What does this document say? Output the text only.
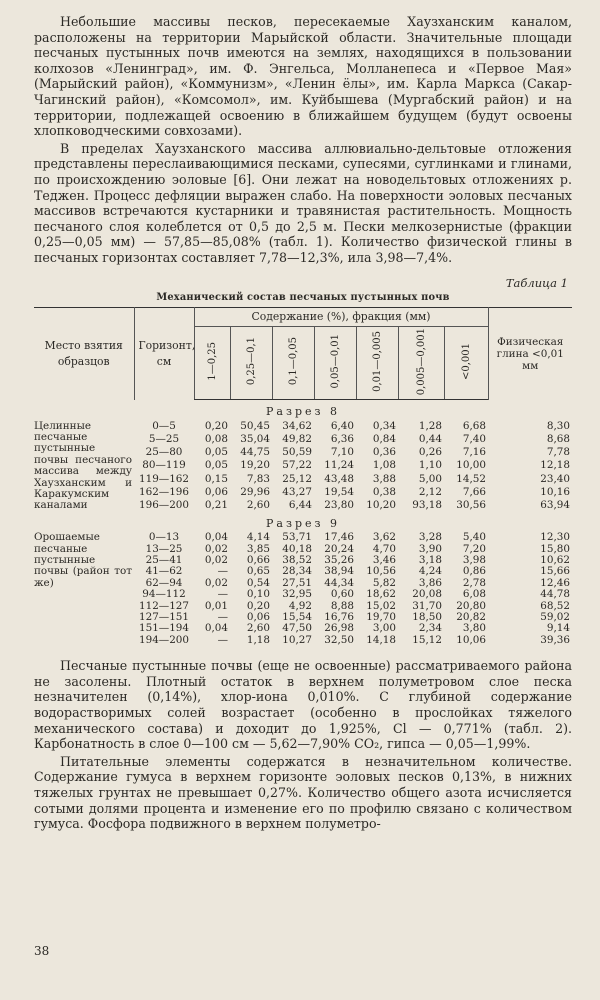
Небольшие массивы песков, пересекаемые Хаузханским каналом, расположены на территории Марыйской области. Значительные площади песчаных пустынных почв имеются на землях, находящихся в пользовании колхозов «Ленинград», им. Ф. Энгельса, Молланепеса и «Первое Мая» (Марыйский район), «Коммунизм», «Ленин ёлы», им. Карла Маркса (Сакар-Чагинский район), «Комсомол», им. Куйбышева (Мургабский район) и на территории, подлежащей освоению в ближайшем будущем (будут освоены хлопководческими совхозами).

В пределах Хаузханского массива аллювиально-дельтовые отложения представлены переслаивающимися песками, супесями, суглинками и глинами, по происхождению эоловые [6]. Они лежат на новодельтовых отложениях р. Теджен. Процесс дефляции выражен слабо. На поверхности эоловых песчаных массивов встречаются кустарники и травянистая растительность. Мощность песчаного слоя колеблется от 0,5 до 2,5 м. Пески мелкозернистые (фракции 0,25—0,05 мм) — 57,85—85,08% (табл. 1). Количество физической глины в песчаных горизонтах составляет 7,78—12,3%, ила 3,98—7,4%.

Таблица 1
Механический состав песчаных пустынных почв
Место взятия образцов	Горизонт, см	Содержание (%), фракция (мм)							Физическая глина <0,01 мм
		1—0,25	0,25—0,1	0,1—0,05	0,05—0,01	0,01—0,005	0,005—0,001	<0,001	
Разрез 8									
Целинные песчаные пустынные почвы песчаного массива между Хаузханским и Каракумским каналами	0—5	0,20	50,45	34,62	6,40	0,34	1,28	6,68	8,30
	5—25	0,08	35,04	49,82	6,36	0,84	0,44	7,40	8,68
	25—80	0,05	44,75	50,59	7,10	0,36	0,26	7,16	7,78
	80—119	0,05	19,20	57,22	11,24	1,08	1,10	10,00	12,18
	119—162	0,15	7,83	25,12	43,48	3,88	5,00	14,52	23,40
	162—196	0,06	29,96	43,27	19,54	0,38	2,12	7,66	10,16
	196—200	0,21	2,60	6,44	23,80	10,20	93,18	30,56	63,94
Разрез 9									
Орошаемые песчаные пустынные почвы (район тот же)	0—13	0,04	4,14	53,71	17,46	3,62	3,28	5,40	12,30
	13—25	0,02	3,85	40,18	20,24	4,70	3,90	7,20	15,80
	25—41	0,02	0,66	38,52	35,26	3,46	3,18	3,98	10,62
	41—62	—	0,65	28,34	38,94	10,56	4,24	0,86	15,66
	62—94	0,02	0,54	27,51	44,34	5,82	3,86	2,78	12,46
	94—112	—	0,10	32,95	0,60	18,62	20,08	6,08	44,78
	112—127	0,01	0,20	4,92	8,88	15,02	31,70	20,80	68,52
	127—151	—	0,06	15,54	16,76	19,70	18,50	20,82	59,02
	151—194	0,04	2,60	47,50	26,98	3,00	2,34	3,80	9,14
	194—200	—	1,18	10,27	32,50	14,18	15,12	10,06	39,36

Песчаные пустынные почвы (еще не освоенные) рассматриваемого района не засолены. Плотный остаток в верхнем полуметровом слое песка незначителен (0,14%), хлор-иона 0,010%. С глубиной содержание водорастворимых солей возрастает (особенно в прослойках тяжелого механического состава) и доходит до 1,925%, Cl — 0,771% (табл. 2). Карбонатность в слое 0—100 см — 5,62—7,90% CO₂, гипса — 0,05—1,99%.

Питательные элементы содержатся в незначительном количестве. Содержание гумуса в верхнем горизонте эоловых песков 0,13%, в нижних тяжелых грунтах не превышает 0,27%. Количество общего азота исчисляется сотыми долями процента и изменение его по профилю связано с количеством гумуса. Фосфора подвижного в верхнем полуметро-

38
